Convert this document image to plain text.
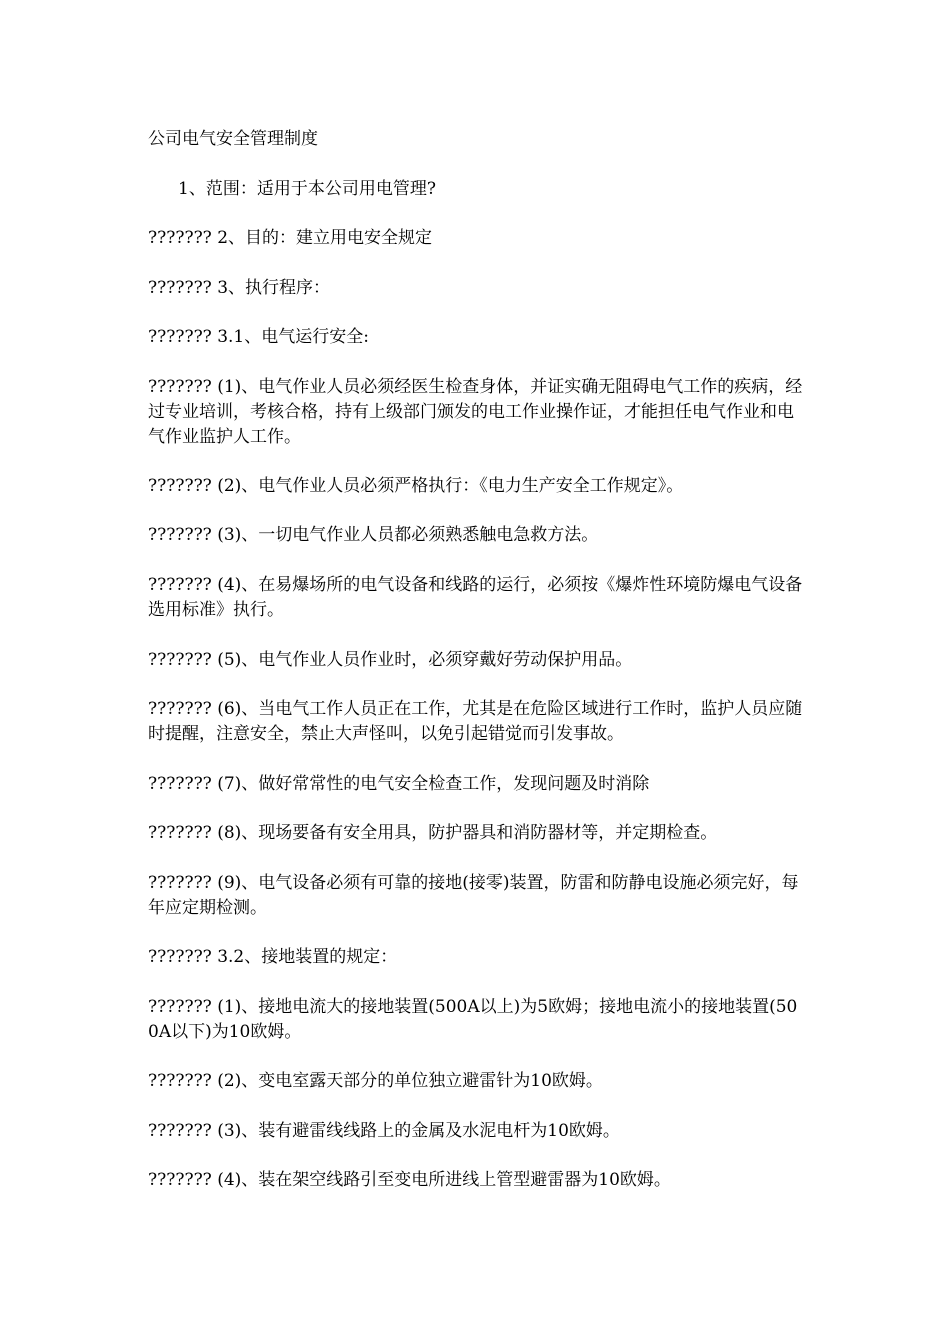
公司电气安全管理制度

1、范围：适用于本公司用电管理?

??????? 2、目的：建立用电安全规定

??????? 3、执行程序：

??????? 3.1、电气运行安全:

??????? (1)、电气作业人员必须经医生检查身体，并证实确无阻碍电气工作的疾病，经过专业培训，考核合格，持有上级部门颁发的电工作业操作证，才能担任电气作业和电气作业监护人工作。

??????? (2)、电气作业人员必须严格执行：《电力生产安全工作规定》。

??????? (3)、一切电气作业人员都必须熟悉触电急救方法。

??????? (4)、在易爆场所的电气设备和线路的运行，必须按《爆炸性环境防爆电气设备选用标准》执行。

??????? (5)、电气作业人员作业时，必须穿戴好劳动保护用品。

??????? (6)、当电气工作人员正在工作，尤其是在危险区域进行工作时，监护人员应随时提醒，注意安全，禁止大声怪叫，以免引起错觉而引发事故。

??????? (7)、做好常常性的电气安全检查工作，发现问题及时消除

??????? (8)、现场要备有安全用具，防护器具和消防器材等，并定期检查。

??????? (9)、电气设备必须有可靠的接地(接零)装置，防雷和防静电设施必须完好，每年应定期检测。

??????? 3.2、接地装置的规定：

??????? (1)、接地电流大的接地装置(500A以上)为5欧姆；接地电流小的接地装置(500A以下)为10欧姆。

??????? (2)、变电室露天部分的单位独立避雷针为10欧姆。

??????? (3)、装有避雷线线路上的金属及水泥电杆为10欧姆。

??????? (4)、装在架空线路引至变电所进线上管型避雷器为10欧姆。
